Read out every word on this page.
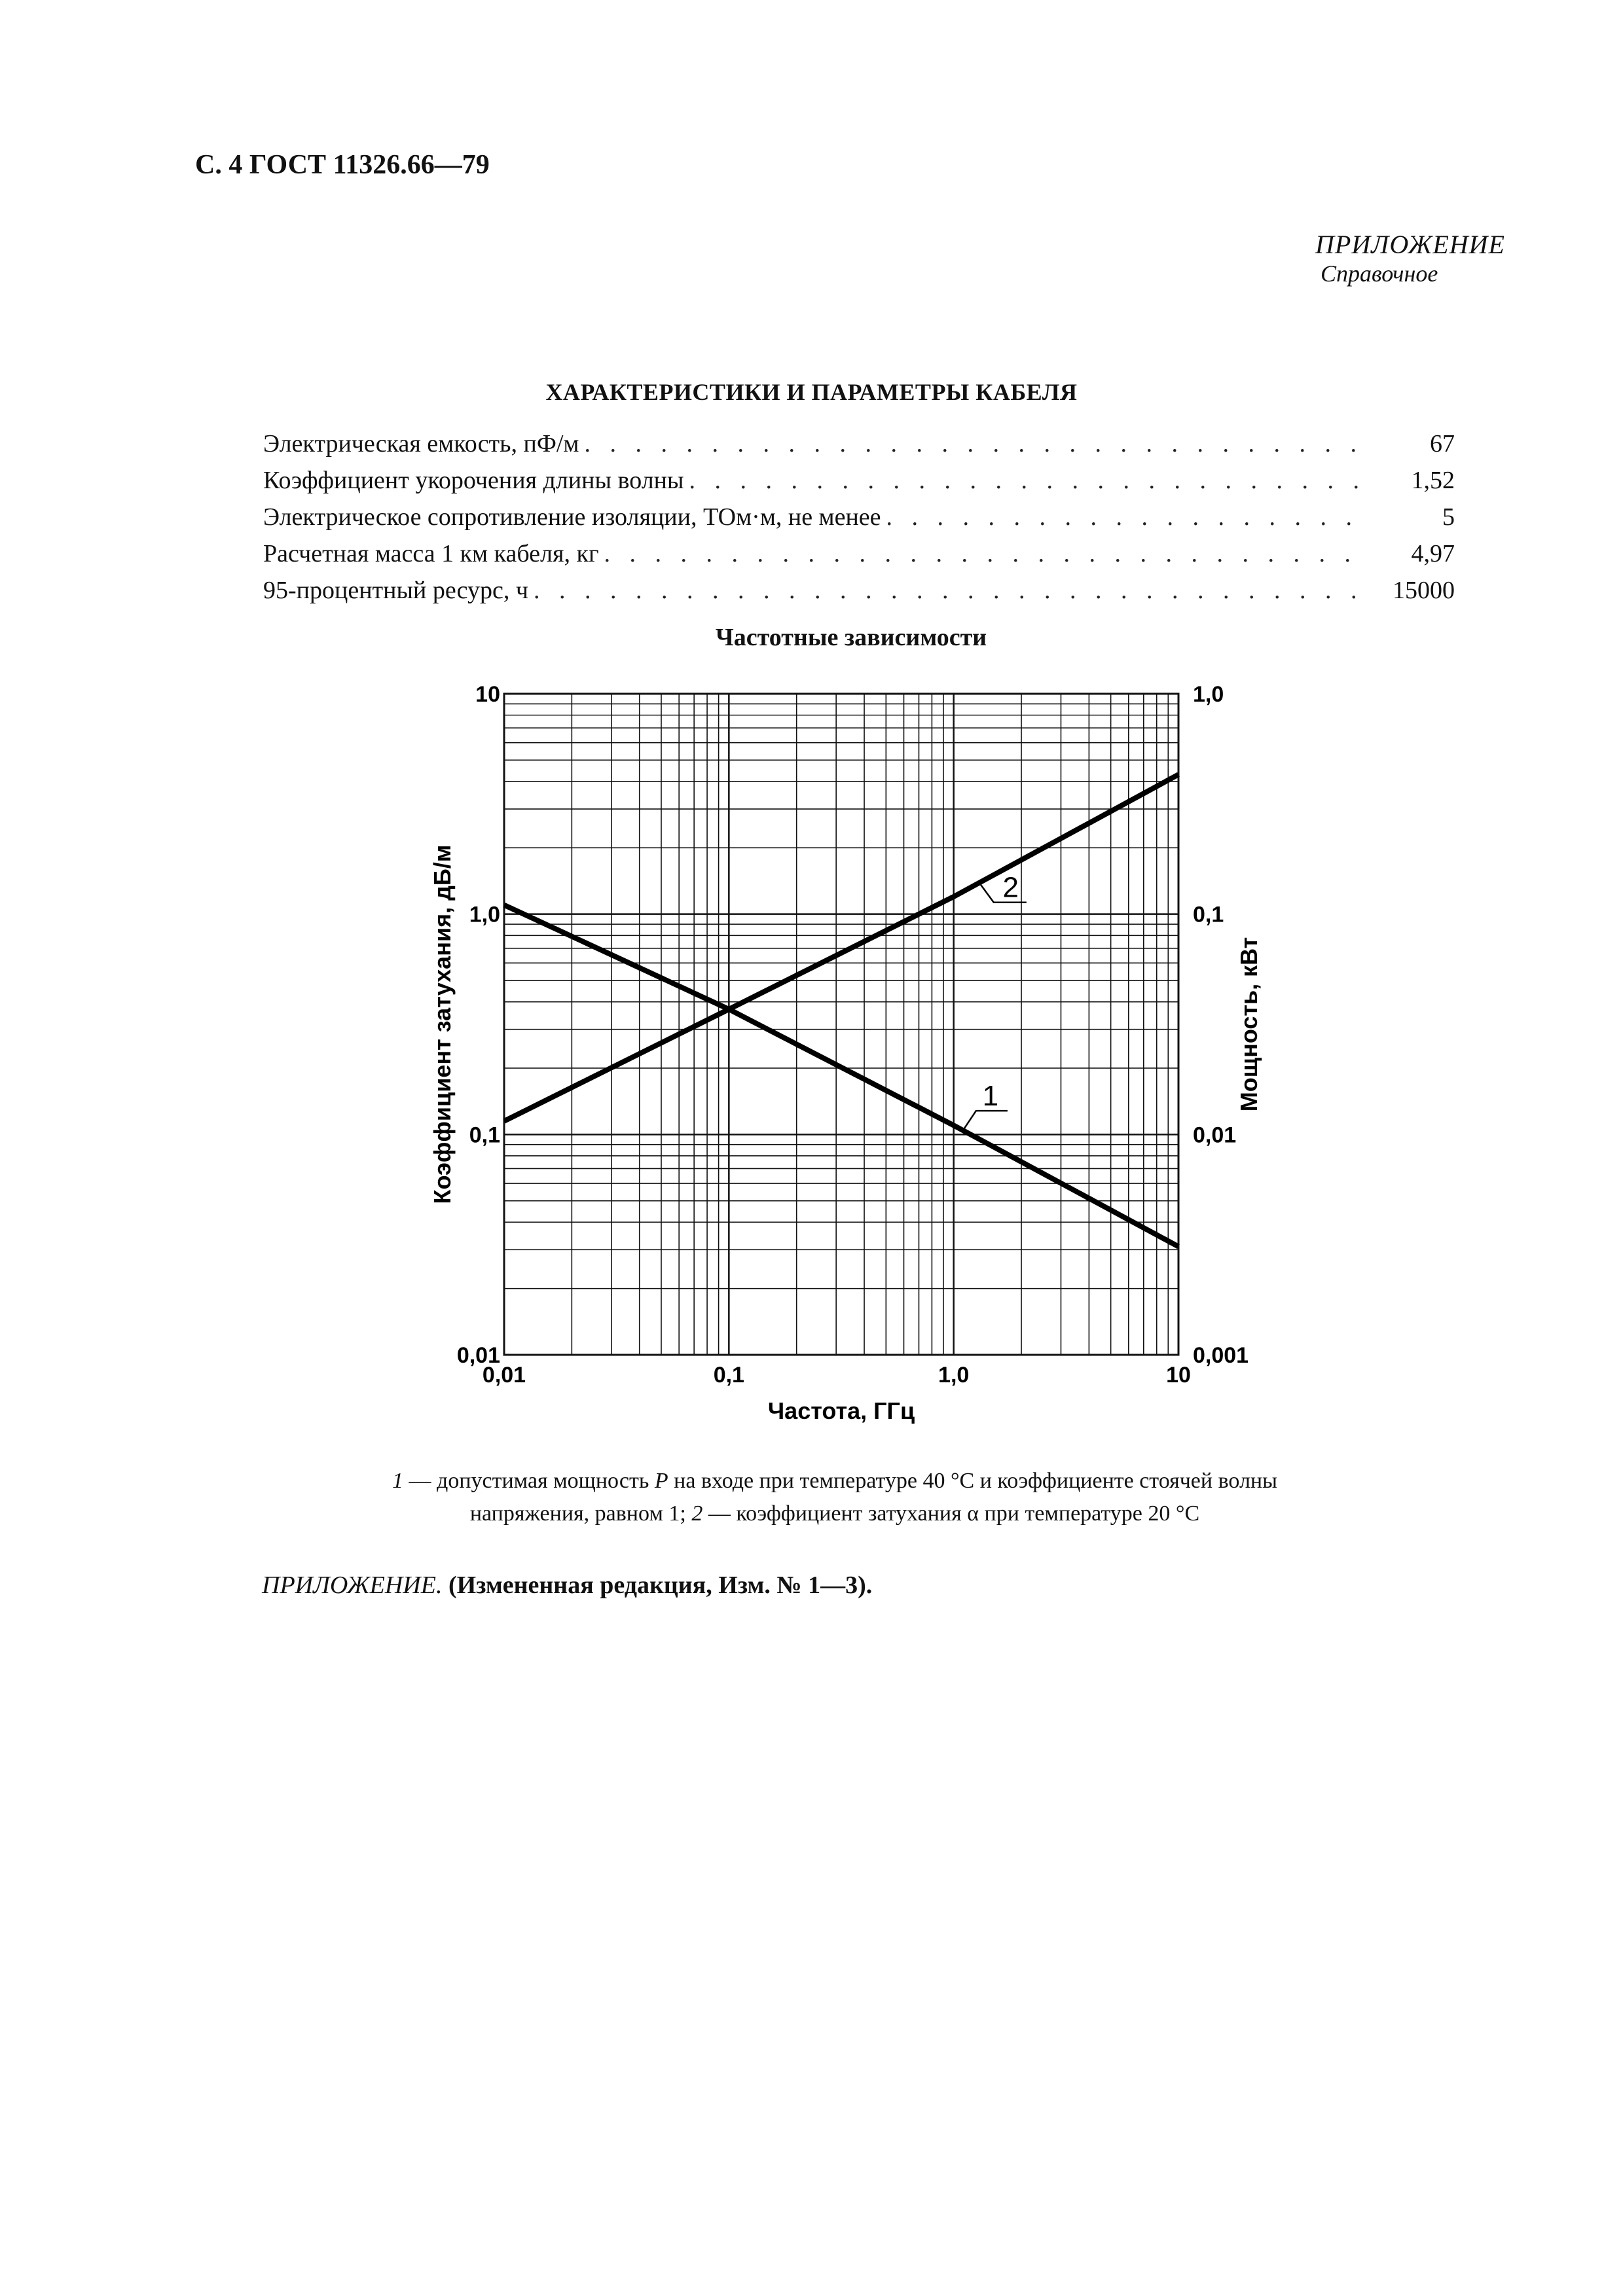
С. 4 ГОСТ 11326.66—79
ПРИЛОЖЕНИЕ
Справочное
ХАРАКТЕРИСТИКИ И ПАРАМЕТРЫ КАБЕЛЯ
Электрическая емкость, пФ/м . . .	67
Коэффициент укорочения длины волны . . .	1,52
Электрическое сопротивление изоляции, ТОм·м, не менее . . .	5
Расчетная масса 1 км кабеля, кг . . .	4,97
95-процентный ресурс, ч . . .	15000
Частотные зависимости
0,01	0,1	1,0	10
0,01
0,1
1,0
10
0,001
0,01
0,1
1,0
Частота, ГГц
Коэффициент затухания, дБ/м	Мощность, кВт
1
2
1 — допустимая мощность P на входе при температуре 40 °С и коэффициенте стоячей волны напряжения, равном 1; 2 — коэффициент затухания α при температуре 20 °С
ПРИЛОЖЕНИЕ. (Измененная редакция, Изм. № 1—3).
